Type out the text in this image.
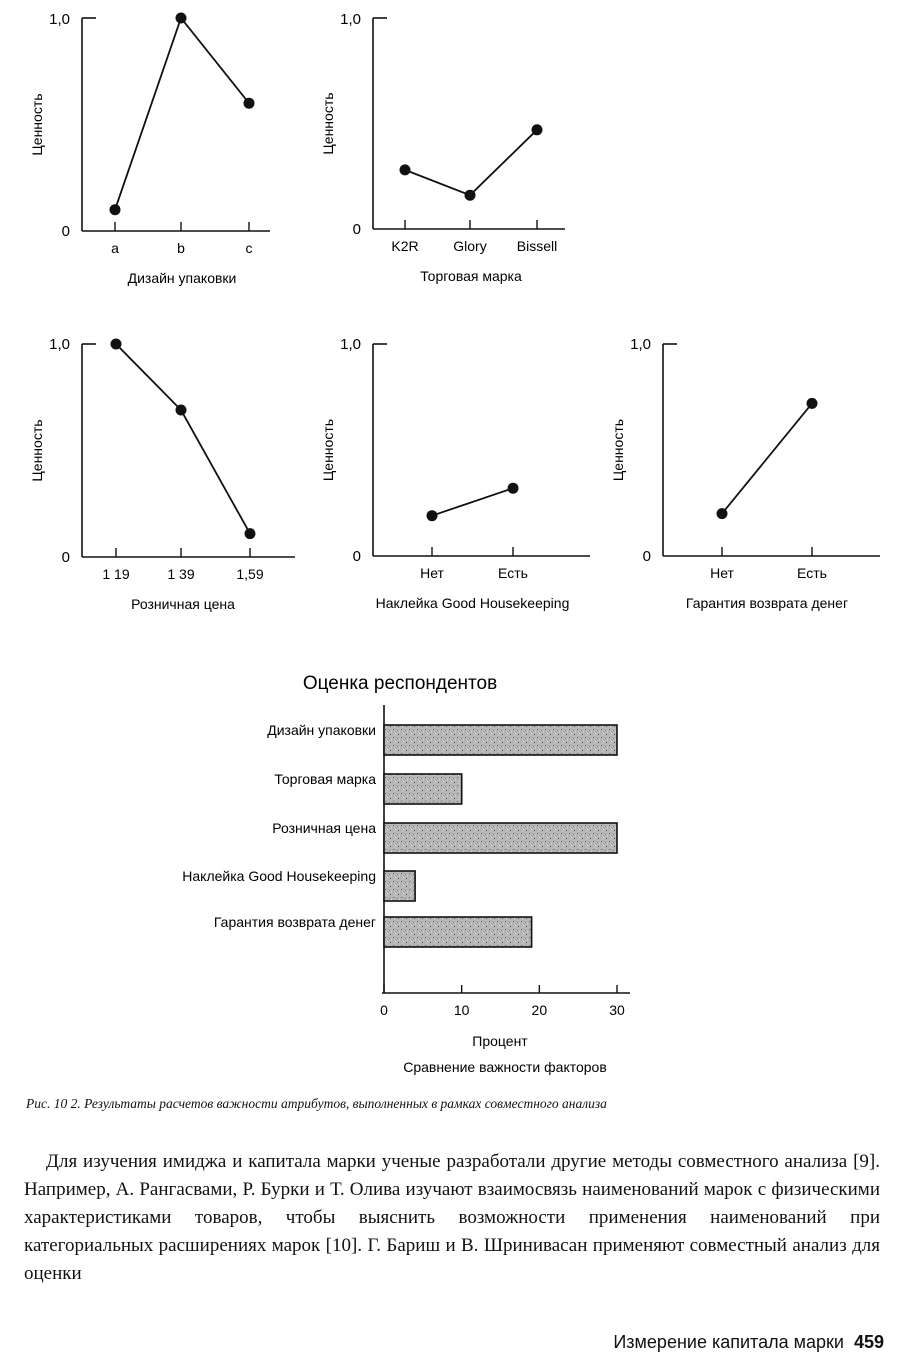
1,0
0
Ценность
a	b	c
Дизайн упаковки
1,0
0
Ценность
K2R Glory Bissell
Торговая марка
1,0
0
Ценность
1 19	1 39	1,59
Розничная цена
1,0
0
Ценность
Нет	Есть
Наклейка Good Housekeeping
1,0
0
Ценность
Нет	Есть
Гарантия возврата денег
Оценка респондентов
Дизайн упаковки
Торговая марка
Розничная цена
Наклейка Good Housekeeping
Гарантия возврата денег
0	10	20	30
Процент
Сравнение важности факторов
Рис. 10 2. Результаты расчетов важности атрибутов, выполненных в рамках совместного анализа

Для изучения имиджа и капитала марки ученые разработали другие методы совместного анализа [9]. Например, А. Рангасвами, Р. Бурки и Т. Олива изучают взаимосвязь наименований марок с физическими характеристиками товаров, чтобы выяснить возможности применения наименований при категориальных расширениях марок [10]. Г. Бариш и В. Шринивасан применяют совместный анализ для оценки

Измерение капитала марки 459
